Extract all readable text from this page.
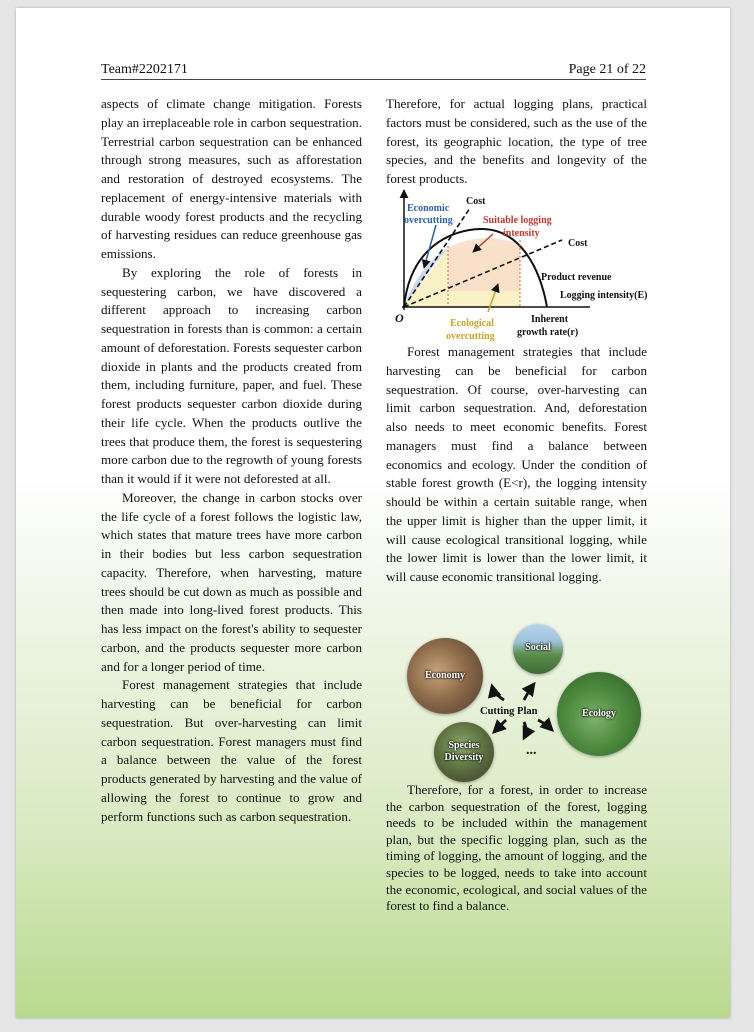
Team#2202171	Page 21 of 22

aspects of climate change mitigation. Forests play an irreplaceable role in carbon sequestration. Terrestrial carbon sequestration can be enhanced through strong measures, such as afforestation and restoration of destroyed ecosystems. The replacement of energy-intensive materials with durable woody forest products and the recycling of harvesting residues can reduce greenhouse gas emissions.

By exploring the role of forests in sequestering carbon, we have discovered a different approach to increasing carbon sequestration in forests than is common: a certain amount of deforestation. Forests sequester carbon dioxide in plants and the products created from them, including furniture, paper, and fuel. These forest products sequester carbon dioxide during their life cycle. When the products outlive the trees that produce them, the forest is sequestering more carbon due to the regrowth of young forests than it would if it were not deforested at all.

Moreover, the change in carbon stocks over the life cycle of a forest follows the logistic law, which states that mature trees have more carbon in their bodies but less carbon sequestration capacity. Therefore, when harvesting, mature trees should be cut down as much as possible and then made into long-lived forest products. This has less impact on the forest's ability to sequester carbon, and the products sequester more carbon and for a longer period of time.

Forest management strategies that include harvesting can be beneficial for carbon sequestration. But over-harvesting can limit carbon sequestration. Forest managers must find a balance between the value of the forest products generated by harvesting and the value of allowing the forest to continue to grow and perform functions such as carbon sequestration.

Therefore, for actual logging plans, practical factors must be considered, such as the use of the forest, its geographic location, the type of tree species, and the benefits and longevity of the forest products.

Cost
Economic
overcutting	Suitable logging
intensity
Cost
Product revenue
Logging intensity(E)
O	Ecological
overcutting
Inherent
growth rate(r)

Forest management strategies that include harvesting can be beneficial for carbon sequestration. Of course, over-harvesting can limit carbon sequestration. And, deforestation also needs to meet economic benefits. Forest managers must find a balance between economics and ecology. Under the condition of stable forest growth (E<r), the logging intensity should be within a certain suitable range, when the upper limit is higher than the upper limit, it will cause ecological transitional logging, while the lower limit is lower than the lower limit, it will cause economic transitional logging.

Economy
Social
Ecology
Species
Diversity
Cutting Plan
...

Therefore, for a forest, in order to increase the carbon sequestration of the forest, logging needs to be included within the management plan, but the specific logging plan, such as the timing of logging, the amount of logging, and the species to be logged, needs to take into account the economic, ecological, and social values of the forest to find a balance.
